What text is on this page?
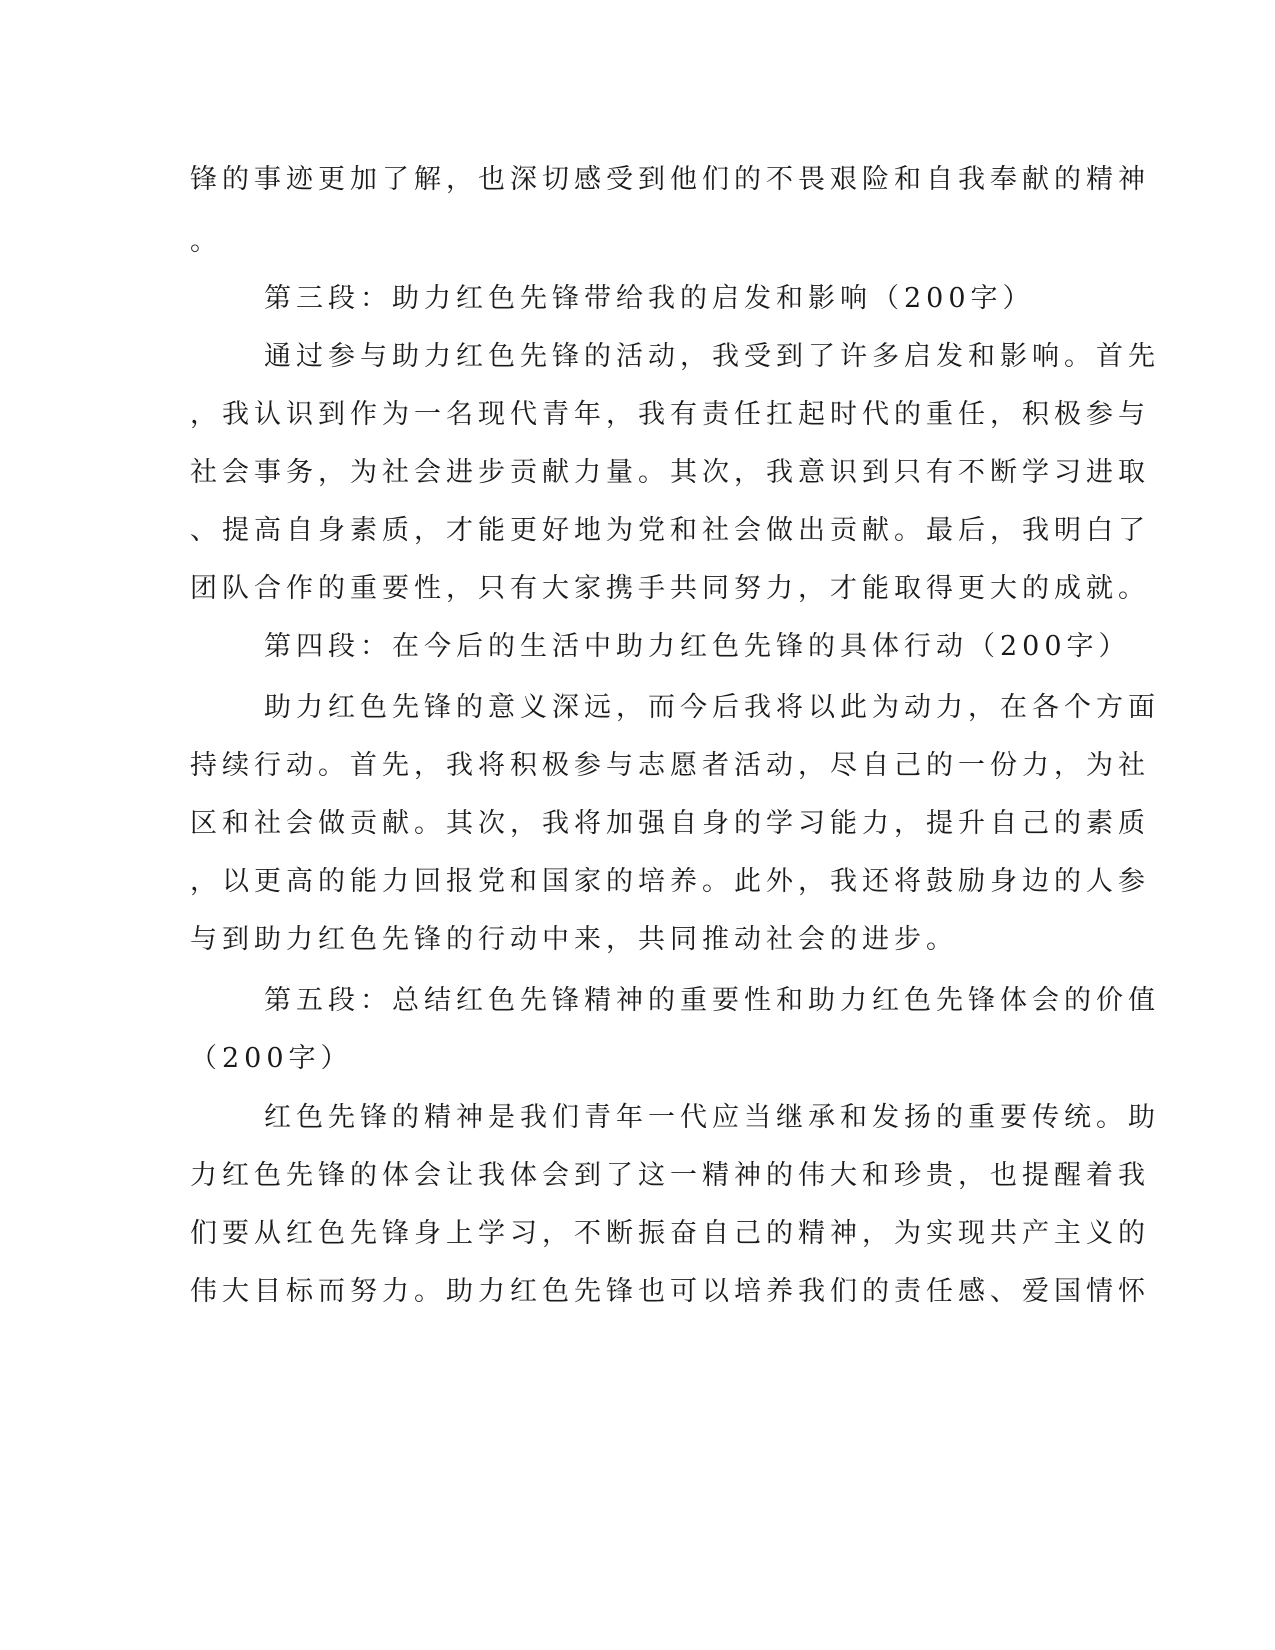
锋的事迹更加了解，也深切感受到他们的不畏艰险和自我奉献的精神

。

第三段：助力红色先锋带给我的启发和影响（200字）

通过参与助力红色先锋的活动，我受到了许多启发和影响。首先

，我认识到作为一名现代青年，我有责任扛起时代的重任，积极参与

社会事务，为社会进步贡献力量。其次，我意识到只有不断学习进取

、提高自身素质，才能更好地为党和社会做出贡献。最后，我明白了

团队合作的重要性，只有大家携手共同努力，才能取得更大的成就。

第四段：在今后的生活中助力红色先锋的具体行动（200字）

助力红色先锋的意义深远，而今后我将以此为动力，在各个方面

持续行动。首先，我将积极参与志愿者活动，尽自己的一份力，为社

区和社会做贡献。其次，我将加强自身的学习能力，提升自己的素质

，以更高的能力回报党和国家的培养。此外，我还将鼓励身边的人参

与到助力红色先锋的行动中来，共同推动社会的进步。

第五段：总结红色先锋精神的重要性和助力红色先锋体会的价值

（200字）

红色先锋的精神是我们青年一代应当继承和发扬的重要传统。助

力红色先锋的体会让我体会到了这一精神的伟大和珍贵，也提醒着我

们要从红色先锋身上学习，不断振奋自己的精神，为实现共产主义的

伟大目标而努力。助力红色先锋也可以培养我们的责任感、爱国情怀
